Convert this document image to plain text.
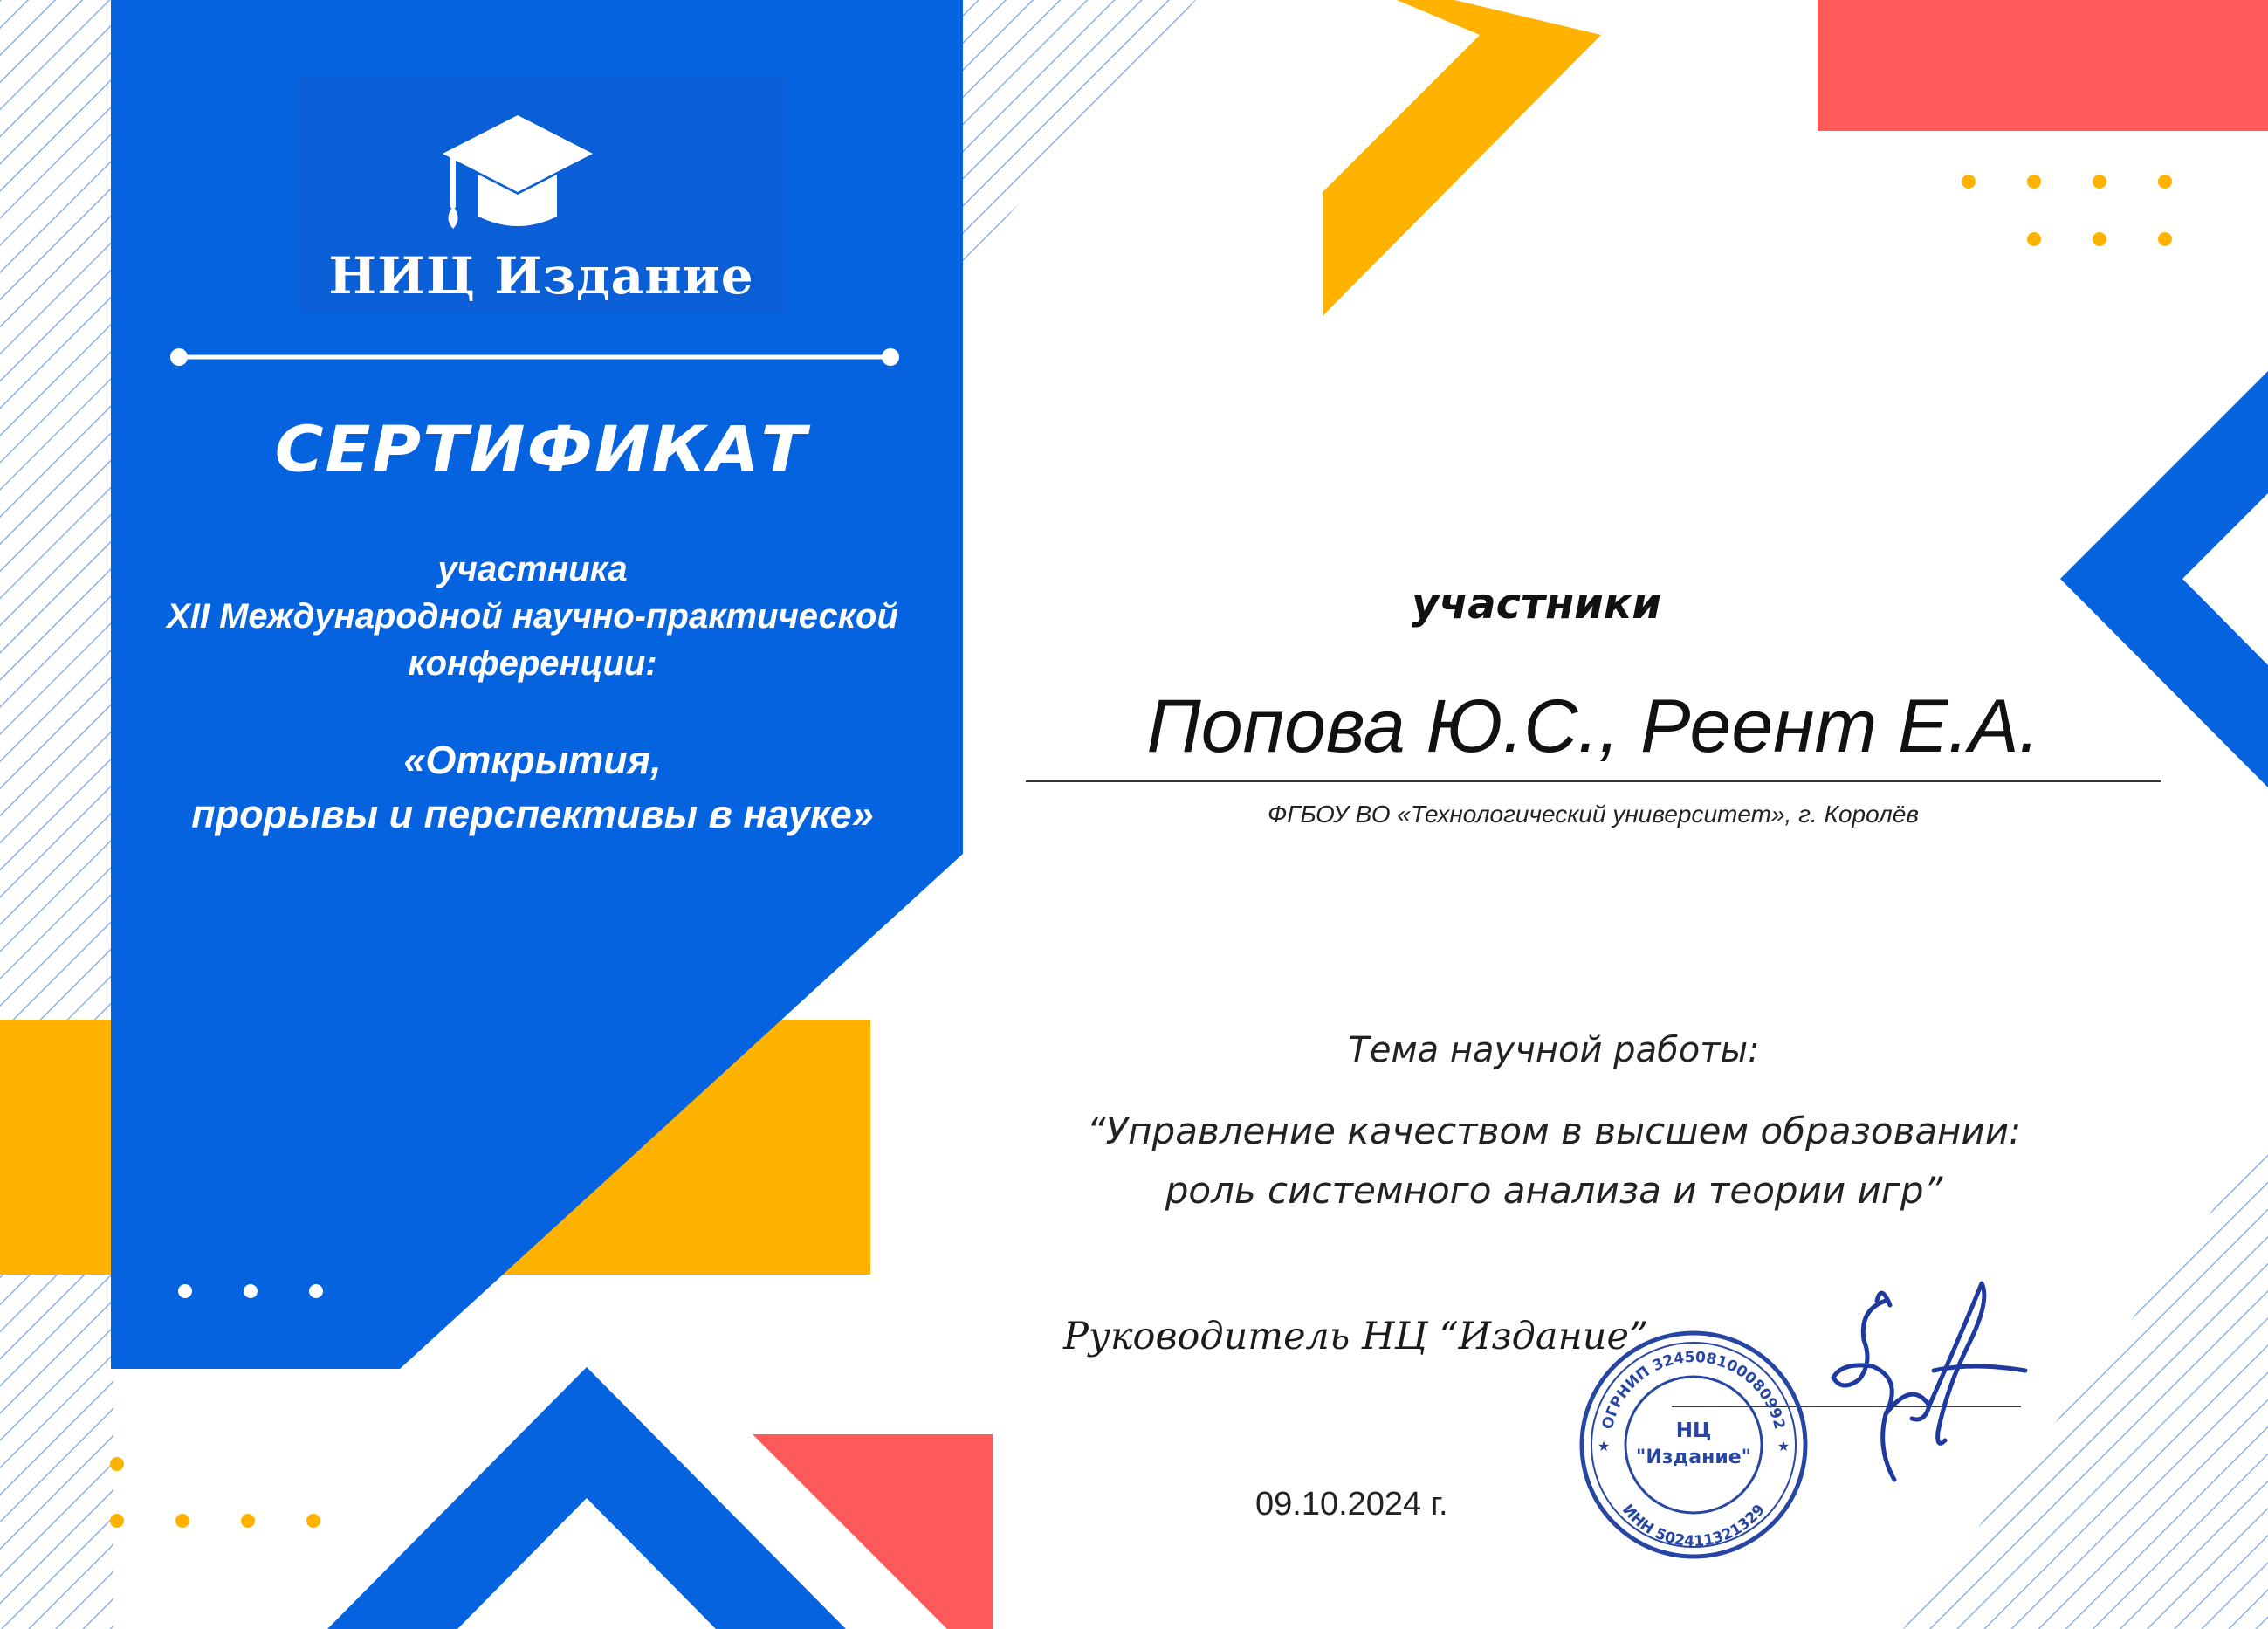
НИЦ Издание
СЕРТИФИКАТ
участника
XII Международной научно-практической
конференции:
«Открытия,
прорывы и перспективы в науке»
участники
Попова Ю.С., Реент Е.А.
ФГБОУ ВО «Технологический университет», г. Королёв
Тема научной работы:
“Управление качеством в высшем образовании:
роль системного анализа и теории игр”
Руководитель НЦ “Издание”
09.10.2024 г.
ОГРНИП 324508100080992
ИНН 502411321329
НЦ
"Издание"
★	★
